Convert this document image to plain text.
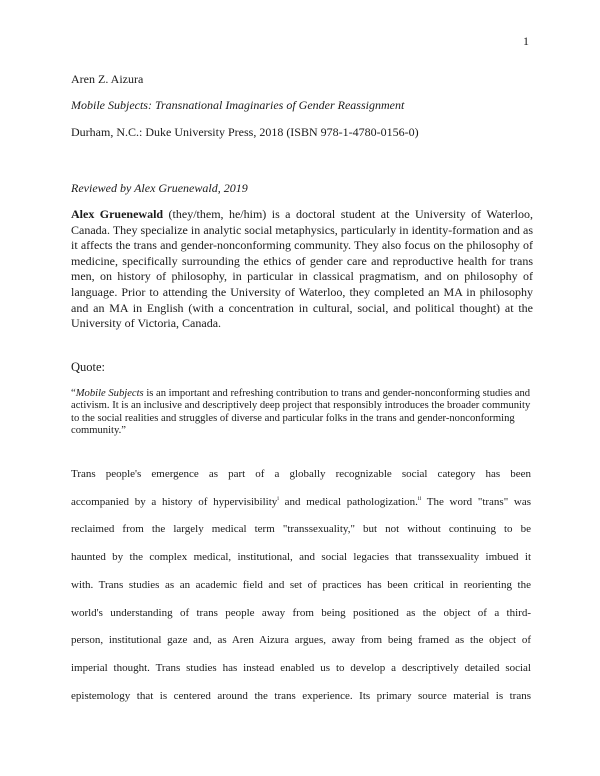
1
Aren Z. Aizura
Mobile Subjects: Transnational Imaginaries of Gender Reassignment
Durham, N.C.: Duke University Press, 2018 (ISBN 978-1-4780-0156-0)
Reviewed by Alex Gruenewald, 2019
Alex Gruenewald (they/them, he/him) is a doctoral student at the University of Waterloo, Canada. They specialize in analytic social metaphysics, particularly in identity-formation and as it affects the trans and gender-nonconforming community. They also focus on the philosophy of medicine, specifically surrounding the ethics of gender care and reproductive health for trans men, on history of philosophy, in particular in classical pragmatism, and on philosophy of language. Prior to attending the University of Waterloo, they completed an MA in philosophy and an MA in English (with a concentration in cultural, social, and political thought) at the University of Victoria, Canada.
Quote:
“Mobile Subjects is an important and refreshing contribution to trans and gender-nonconforming studies and activism. It is an inclusive and descriptively deep project that responsibly introduces the broader community to the social realities and struggles of diverse and particular folks in the trans and gender-nonconforming community.”
Trans people's emergence as part of a globally recognizable social category has been
accompanied by a history of hypervisibility$^i$ and medical pathologization.$^{ii}$ The word "trans" was
reclaimed from the largely medical term "transsexuality," but not without continuing to be
haunted by the complex medical, institutional, and social legacies that transsexuality imbued it
with. Trans studies as an academic field and set of practices has been critical in reorienting the
world's understanding of trans people away from being positioned as the object of a third-
person, institutional gaze and, as Aren Aizura argues, away from being framed as the object of
imperial thought. Trans studies has instead enabled us to develop a descriptively detailed social
epistemology that is centered around the trans experience. Its primary source material is trans
